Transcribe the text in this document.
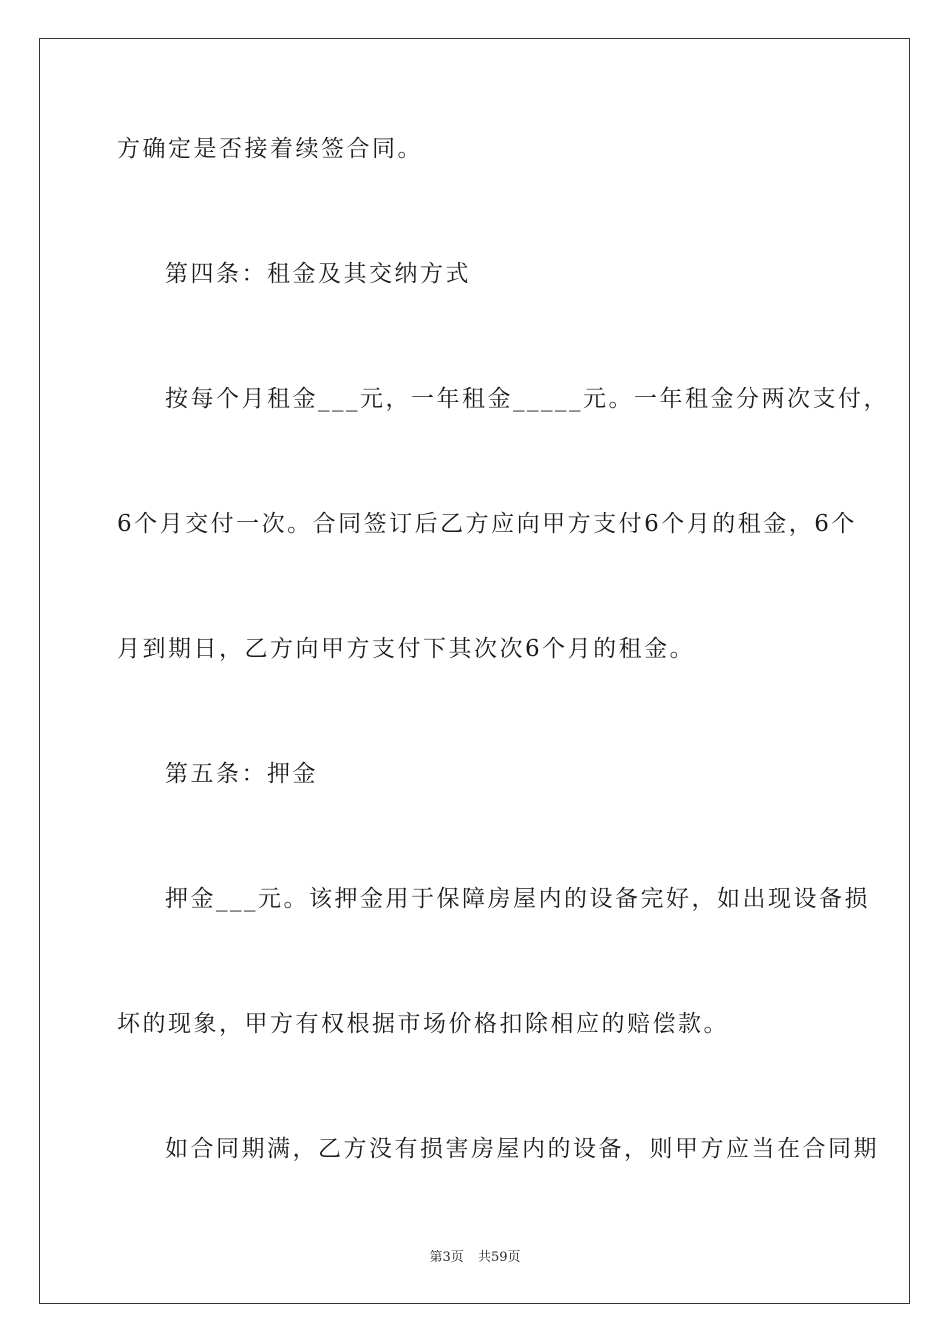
方确定是否接着续签合同。
第四条：租金及其交纳方式
按每个月租金___元，一年租金_____元。一年租金分两次支付，
6个月交付一次。合同签订后乙方应向甲方支付6个月的租金，6个
月到期日，乙方向甲方支付下其次次6个月的租金。
第五条：押金
押金___元。该押金用于保障房屋内的设备完好，如出现设备损
坏的现象，甲方有权根据市场价格扣除相应的赔偿款。
如合同期满，乙方没有损害房屋内的设备，则甲方应当在合同期
第3页 共59页
